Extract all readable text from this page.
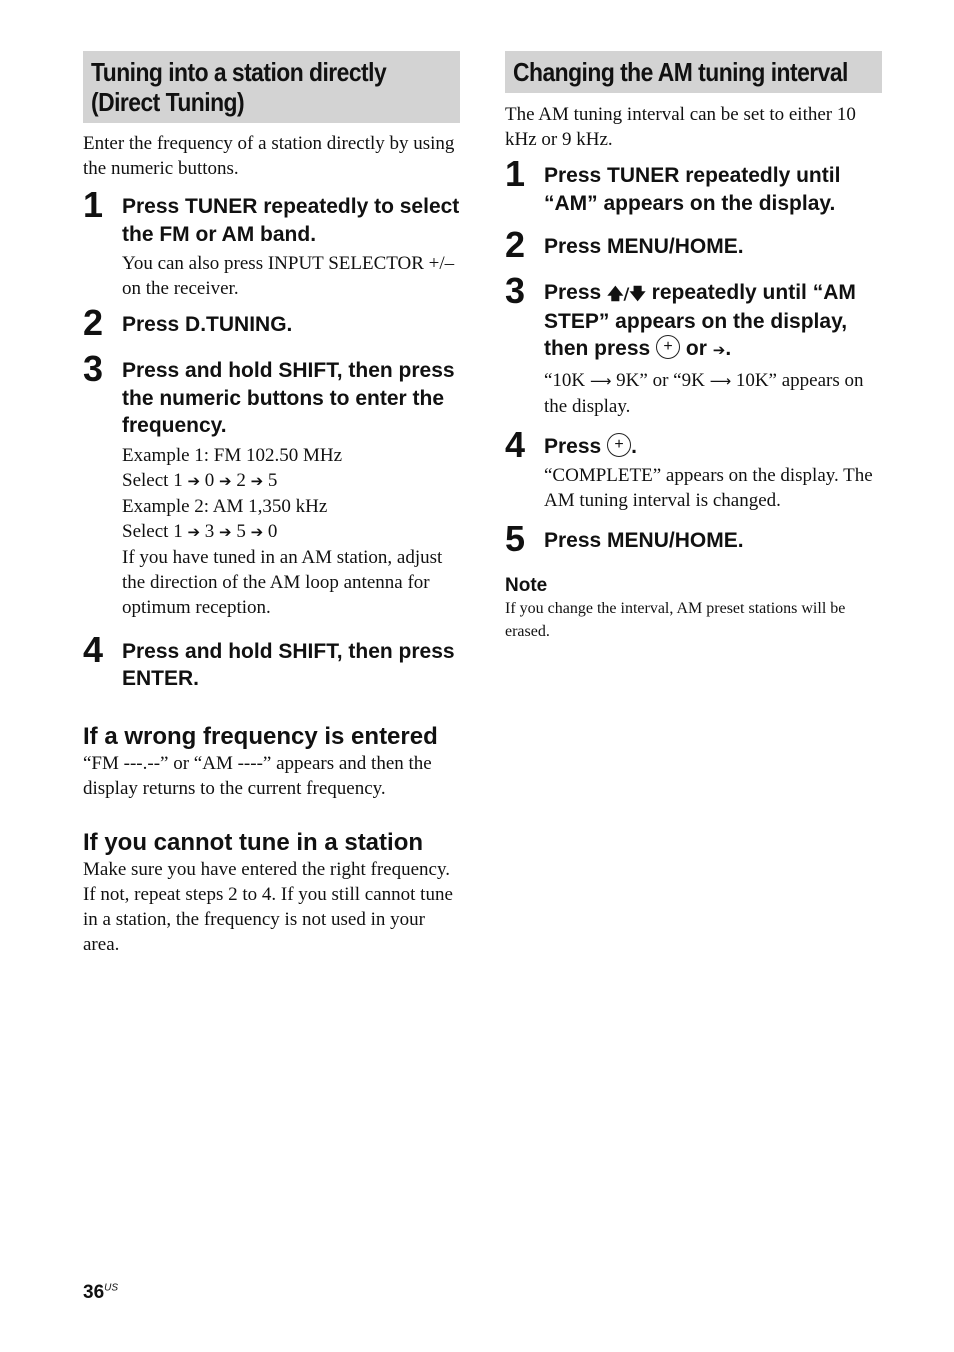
Tuning into a station directly
(Direct Tuning)
Enter the frequency of a station directly by using the numeric buttons.
1 Press TUNER repeatedly to select the FM or AM band.
You can also press INPUT SELECTOR +/– on the receiver.
2 Press D.TUNING.
3 Press and hold SHIFT, then press the numeric buttons to enter the frequency.
Example 1: FM 102.50 MHz
Select 1 ➔ 0 ➔ 2 ➔ 5
Example 2: AM 1,350 kHz
Select 1 ➔ 3 ➔ 5 ➔ 0
If you have tuned in an AM station, adjust the direction of the AM loop antenna for optimum reception.
4 Press and hold SHIFT, then press ENTER.
If a wrong frequency is entered
“FM ---.--” or “AM ----” appears and then the display returns to the current frequency.
If you cannot tune in a station
Make sure you have entered the right frequency. If not, repeat steps 2 to 4. If you still cannot tune in a station, the frequency is not used in your area.
Changing the AM tuning interval
The AM tuning interval can be set to either 10 kHz or 9 kHz.
1 Press TUNER repeatedly until “AM” appears on the display.
2 Press MENU/HOME.
3 Press 🡅/🡇 repeatedly until “AM STEP” appears on the display, then press + or ➔.
“10K ⟶ 9K” or “9K ⟶ 10K” appears on the display.
4 Press + .
“COMPLETE” appears on the display. The AM tuning interval is changed.
5 Press MENU/HOME.
Note
If you change the interval, AM preset stations will be erased.
$36^{US}$
